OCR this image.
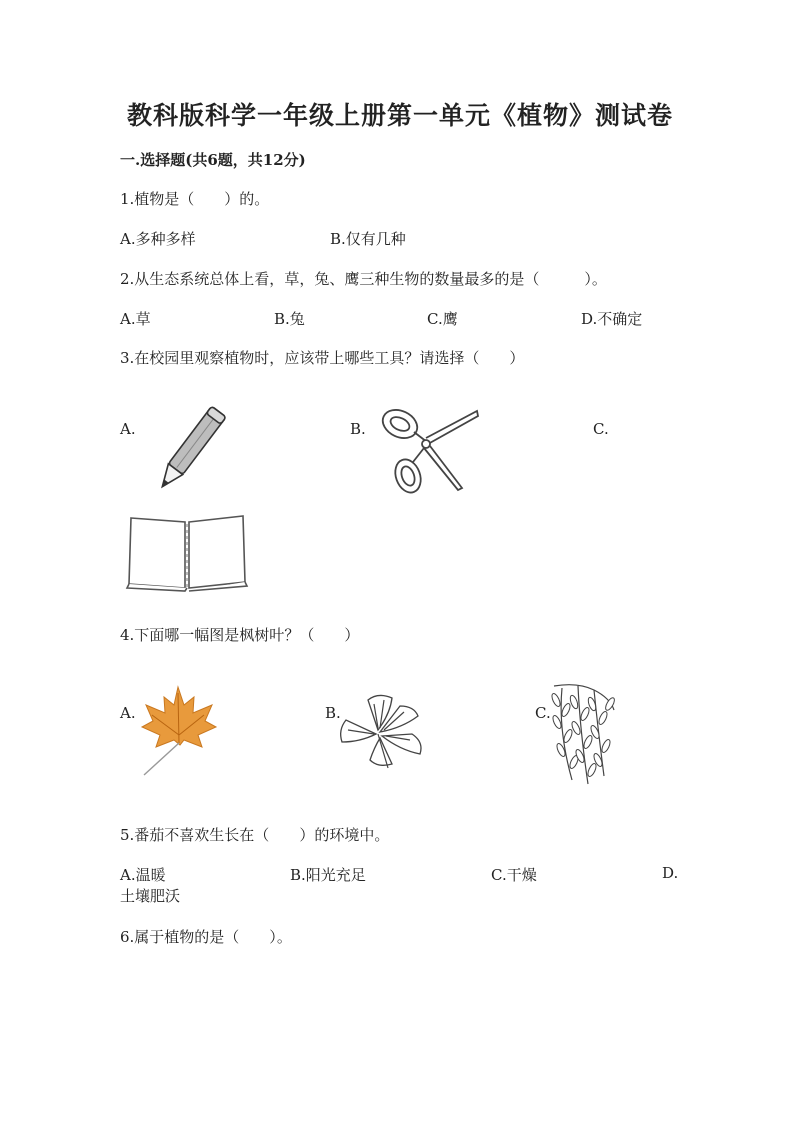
教科版科学一年级上册第一单元《植物》测试卷
一.选择题(共6题，共12分)
1.植物是（　　）的。
A.多种多样	B.仅有几种
2.从生态系统总体上看，草，兔、鹰三种生物的数量最多的是（　　　）。
A.草	B.兔	C.鹰	D.不确定
3.在校园里观察植物时，应该带上哪些工具？请选择（　　）
A.	B.	C.
4.下面哪一幅图是枫树叶？（　　）
A.	B.	C.
5.番茄不喜欢生长在（　　）的环境中。
A.温暖	B.阳光充足	C.干燥	D.
土壤肥沃
6.属于植物的是（　　）。
